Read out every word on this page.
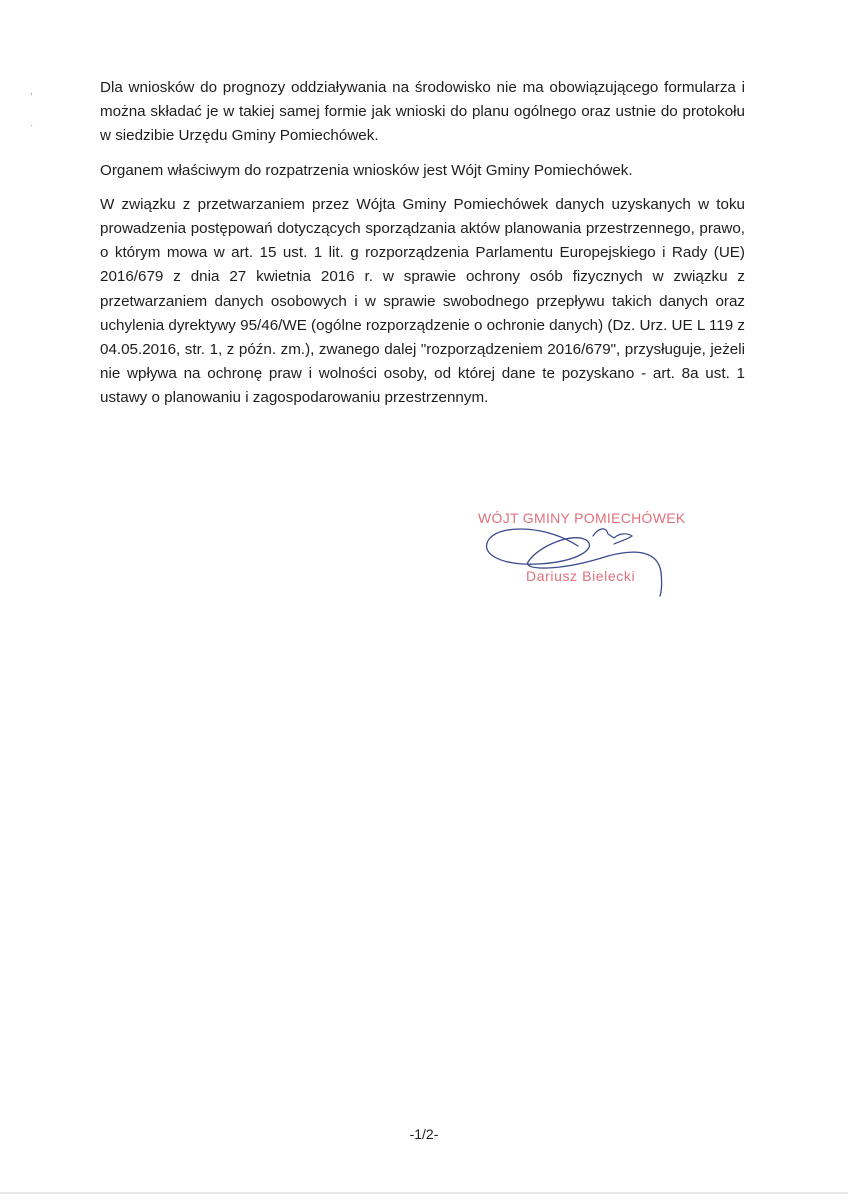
,
·

Dla wniosków do prognozy oddziaływania na środowisko nie ma obowiązującego formularza i można składać je w takiej samej formie jak wnioski do planu ogólnego oraz ustnie do protokołu w siedzibie Urzędu Gminy Pomiechówek.

Organem właściwym do rozpatrzenia wniosków jest Wójt Gminy Pomiechówek.

W związku z przetwarzaniem przez Wójta Gminy Pomiechówek danych uzyskanych w toku prowadzenia postępowań dotyczących sporządzania aktów planowania przestrzennego, prawo, o którym mowa w art. 15 ust. 1 lit. g rozporządzenia Parlamentu Europejskiego i Rady (UE) 2016/679 z dnia 27 kwietnia 2016 r. w sprawie ochrony osób fizycznych w związku z przetwarzaniem danych osobowych i w sprawie swobodnego przepływu takich danych oraz uchylenia dyrektywy 95/46/WE (ogólne rozporządzenie o ochronie danych) (Dz. Urz. UE L 119 z 04.05.2016, str. 1, z późn. zm.), zwanego dalej "rozporządzeniem 2016/679", przysługuje, jeżeli nie wpływa na ochronę praw i wolności osoby, od której dane te pozyskano - art. 8a ust. 1 ustawy o planowaniu i zagospodarowaniu przestrzennym.

WÓJT GMINY POMIECHÓWEK
Dariusz Bielecki
-1/2-
